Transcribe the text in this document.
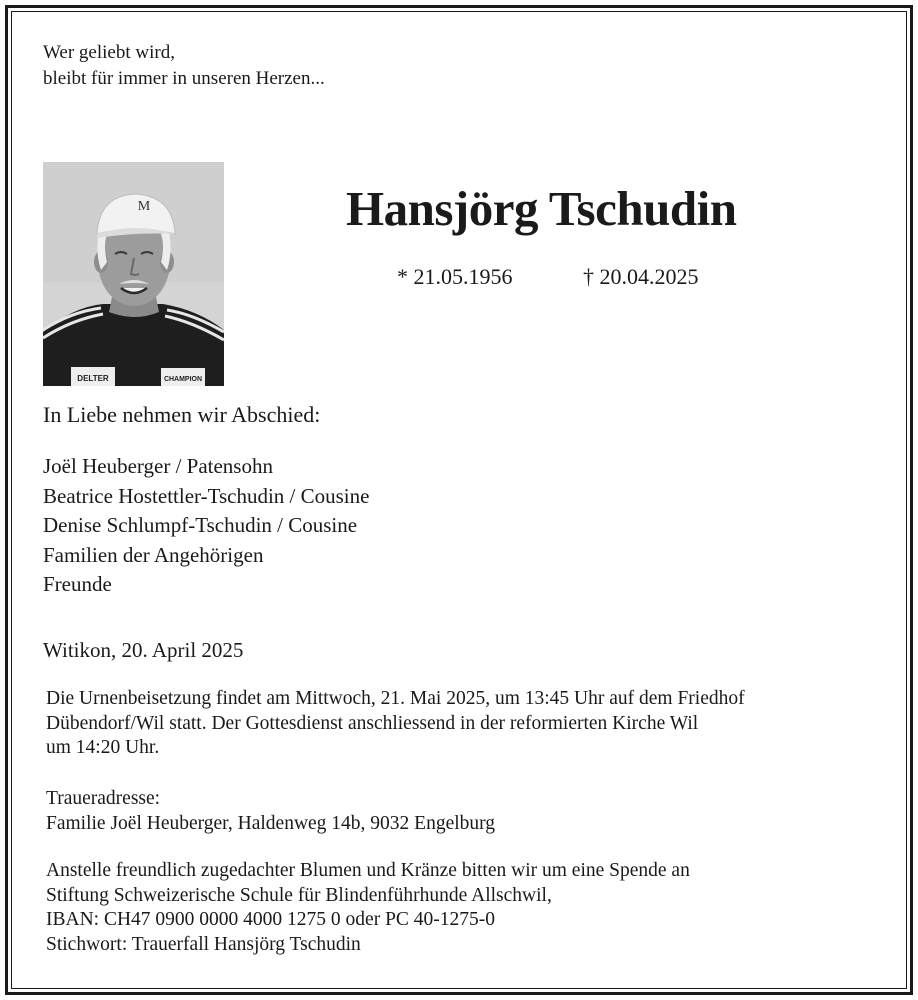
Wer geliebt wird,
bleibt für immer in unseren Herzen...
M
DELTER	CHAMPION
Hansjörg Tschudin
* 21.05.1956	† 20.04.2025
In Liebe nehmen wir Abschied:
Joël Heuberger / Patensohn
Beatrice Hostettler-Tschudin / Cousine
Denise Schlumpf-Tschudin / Cousine
Familien der Angehörigen
Freunde
Witikon, 20. April 2025
Die Urnenbeisetzung findet am Mittwoch, 21. Mai 2025, um 13:45 Uhr auf dem Friedhof
Dübendorf/Wil statt. Der Gottesdienst anschliessend in der reformierten Kirche Wil
um 14:20 Uhr.
Traueradresse:
Familie Joël Heuberger, Haldenweg 14b, 9032 Engelburg
Anstelle freundlich zugedachter Blumen und Kränze bitten wir um eine Spende an
Stiftung Schweizerische Schule für Blindenführhunde Allschwil,
IBAN: CH47 0900 0000 4000 1275 0 oder PC 40-1275-0
Stichwort: Trauerfall Hansjörg Tschudin
